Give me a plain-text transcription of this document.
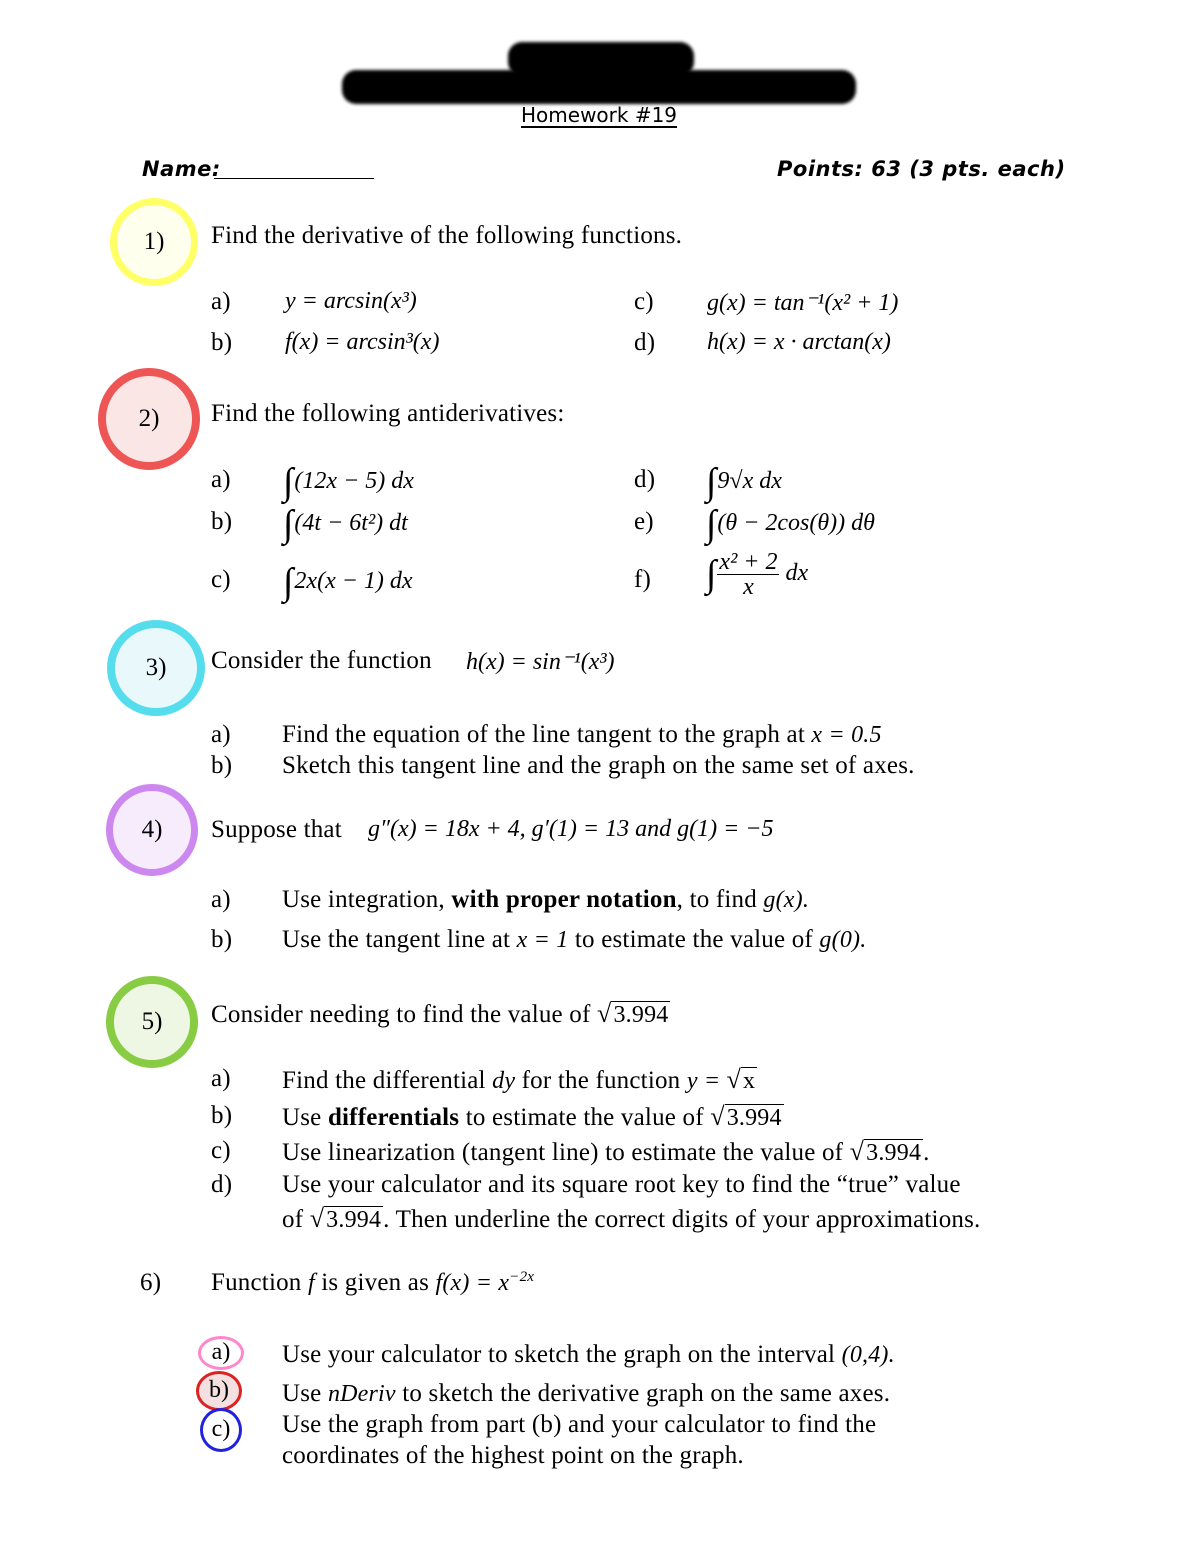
Homework #19
Name:	Points: 63 (3 pts. each)
1)	Find the derivative of the following functions.
a) y = arcsin(x³)
b) f(x) = arcsin³(x)
c) g(x) = tan⁻¹(x² + 1)
d) h(x) = x · arctan(x)
2)	Find the following antiderivatives:
a) ∫(12x − 5) dx
b) ∫(4t − 6t²) dt
c) ∫2x(x − 1) dx
d) ∫9√x dx
e) ∫(θ − 2cos(θ)) dθ
f) ∫ $\frac{\text{x² + 2}}{x}$ dx
3)	Consider the function h(x) = sin⁻¹(x³)
a) Find the equation of the line tangent to the graph at x = 0.5
b) Sketch this tangent line and the graph on the same set of axes.
4)	Suppose that g″(x) = 18x + 4, g′(1) = 13 and g(1) = −5
a) Use integration, with proper notation, to find g(x).
b) Use the tangent line at x = 1 to estimate the value of g(0).
5)	Consider needing to find the value of √3.994
a) Find the differential dy for the function y = √x
b) Use differentials to estimate the value of √3.994
c) Use linearization (tangent line) to estimate the value of √3.994.
d) Use your calculator and its square root key to find the “true” value
of √3.994. Then underline the correct digits of your approximations.
6) Function f is given as $f(x) = x^{-2x}$
a)	Use your calculator to sketch the graph on the interval (0,4).
b)	Use nDeriv to sketch the derivative graph on the same axes.
c)	Use the graph from part (b) and your calculator to find the
coordinates of the highest point on the graph.
